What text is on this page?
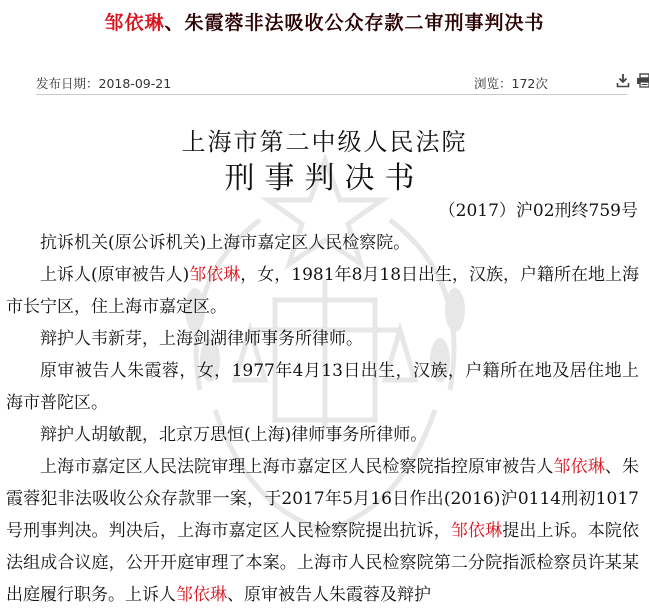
邹依琳、朱霞蓉非法吸收公众存款二审刑事判决书
发布日期：2018-09-21	浏览：172次
上海市第二中级人民法院
刑事判决书
（2017）沪02刑终759号

抗诉机关(原公诉机关)上海市嘉定区人民检察院。

上诉人(原审被告人)邹依琳，女，1981年8月18日出生，汉族，户籍所在地上海市长宁区，住上海市嘉定区。

辩护人韦新芽，上海剑湖律师事务所律师。

原审被告人朱霞蓉，女，1977年4月13日出生，汉族，户籍所在地及居住地上海市普陀区。

辩护人胡敏靓，北京万思恒(上海)律师事务所律师。

上海市嘉定区人民法院审理上海市嘉定区人民检察院指控原审被告人邹依琳、朱霞蓉犯非法吸收公众存款罪一案，于2017年5月16日作出(2016)沪0114刑初1017号刑事判决。判决后，上海市嘉定区人民检察院提出抗诉，邹依琳提出上诉。本院依法组成合议庭，公开开庭审理了本案。上海市人民检察院第二分院指派检察员许某某出庭履行职务。上诉人邹依琳、原审被告人朱霞蓉及辩护
